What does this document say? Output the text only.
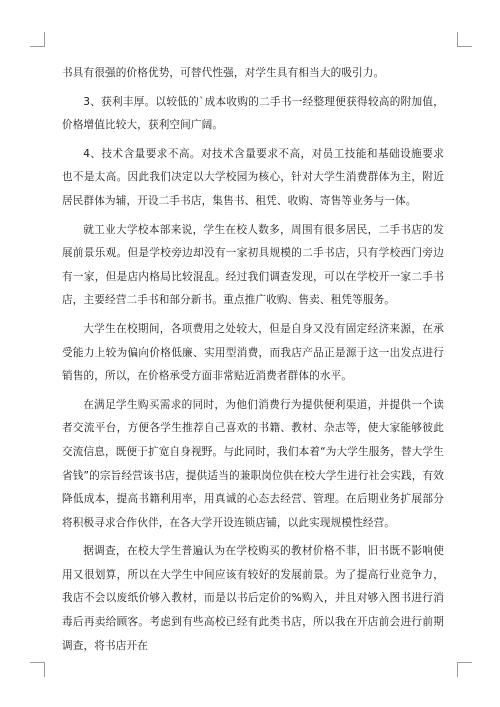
书具有很强的价格优势，可替代性强，对学生具有相当大的吸引力。

3、获利丰厚。以较低的`成本收购的二手书一经整理便获得较高的附加值，价格增值比较大，获利空间广阔。

4、技术含量要求不高。对技术含量要求不高，对员工技能和基础设施要求也不是太高。因此我们决定以大学校园为核心，针对大学生消费群体为主，附近居民群体为辅，开设二手书店，集售书、租凭、收购、寄售等业务与一体。

就工业大学校本部来说，学生在校人数多，周围有很多居民，二手书店的发展前景乐观。但是学校旁边却没有一家初具规模的二手书店，只有学校西门旁边有一家，但是店内格局比较混乱。经过我们调查发现，可以在学校开一家二手书店，主要经营二手书和部分新书。重点推广收购、售卖、租凭等服务。

大学生在校期间，各项费用之处较大，但是自身又没有固定经济来源，在承受能力上较为偏向价格低廉、实用型消费，而我店产品正是源于这一出发点进行销售的，所以，在价格承受方面非常贴近消费者群体的水平。

在满足学生购买需求的同时，为他们消费行为提供便利渠道，并提供一个读者交流平台，方便各学生推荐自己喜欢的书籍、教材、杂志等，使大家能够彼此交流信息，既便于扩宽自身视野。与此同时，我们本着“为大学生服务，替大学生省钱”的宗旨经营该书店，提供适当的兼职岗位供在校大学生进行社会实践，有效降低成本，提高书籍利用率，用真诚的心态去经营、管理。在后期业务扩展部分将积极寻求合作伙伴，在各大学开设连锁店铺，以此实现规模性经营。

据调查，在校大学生普遍认为在学校购买的教材价格不菲，旧书既不影响使用又很划算，所以在大学生中间应该有较好的发展前景。为了提高行业竞争力，我店不会以废纸价够入教材，而是以书后定价的%购入，并且对够入图书进行消毒后再卖给顾客。考虑到有些高校已经有此类书店，所以我在开店前会进行前期调查，将书店开在
